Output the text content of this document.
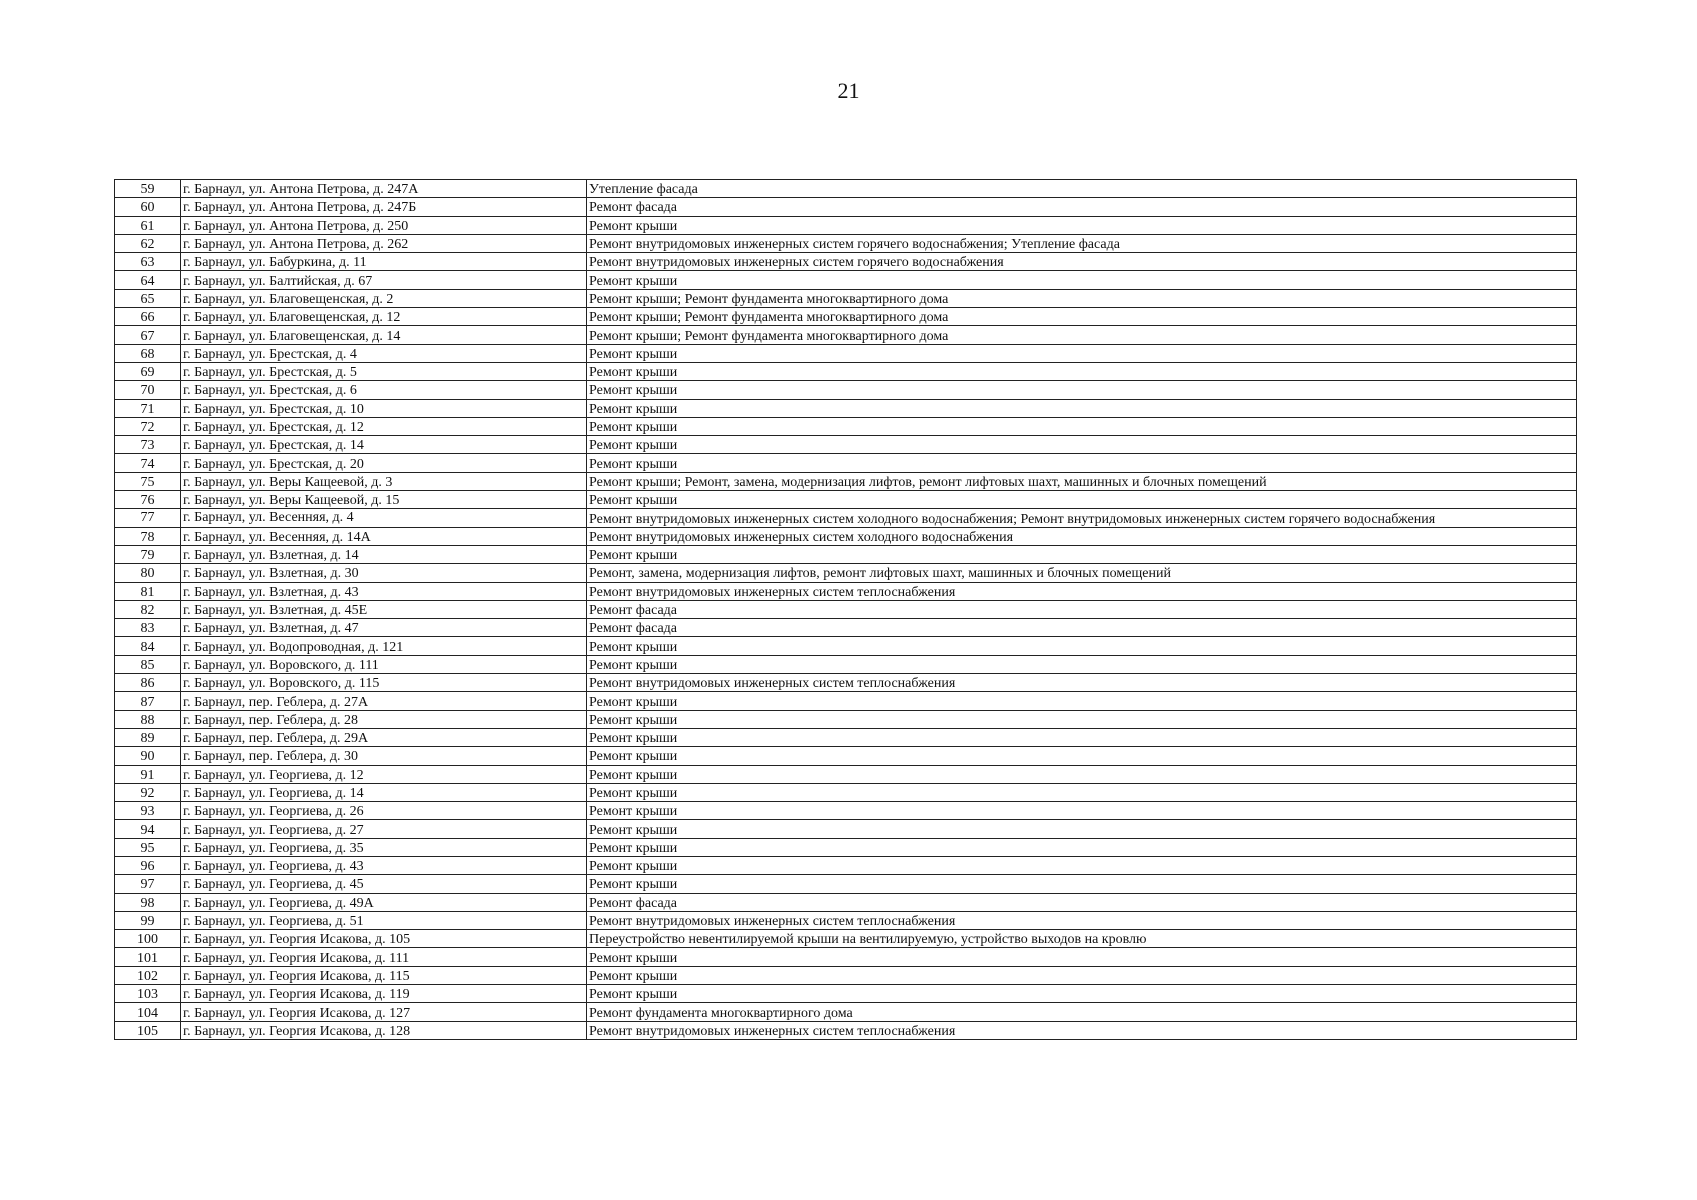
21
59	г. Барнаул, ул. Антона Петрова, д. 247А	Утепление фасада
60	г. Барнаул, ул. Антона Петрова, д. 247Б	Ремонт фасада
61	г. Барнаул, ул. Антона Петрова, д. 250	Ремонт крыши
62	г. Барнаул, ул. Антона Петрова, д. 262	Ремонт внутридомовых инженерных систем горячего водоснабжения; Утепление фасада
63	г. Барнаул, ул. Бабуркина, д. 11	Ремонт внутридомовых инженерных систем горячего водоснабжения
64	г. Барнаул, ул. Балтийская, д. 67	Ремонт крыши
65	г. Барнаул, ул. Благовещенская, д. 2	Ремонт крыши; Ремонт фундамента многоквартирного дома
66	г. Барнаул, ул. Благовещенская, д. 12	Ремонт крыши; Ремонт фундамента многоквартирного дома
67	г. Барнаул, ул. Благовещенская, д. 14	Ремонт крыши; Ремонт фундамента многоквартирного дома
68	г. Барнаул, ул. Брестская, д. 4	Ремонт крыши
69	г. Барнаул, ул. Брестская, д. 5	Ремонт крыши
70	г. Барнаул, ул. Брестская, д. 6	Ремонт крыши
71	г. Барнаул, ул. Брестская, д. 10	Ремонт крыши
72	г. Барнаул, ул. Брестская, д. 12	Ремонт крыши
73	г. Барнаул, ул. Брестская, д. 14	Ремонт крыши
74	г. Барнаул, ул. Брестская, д. 20	Ремонт крыши
75	г. Барнаул, ул. Веры Кащеевой, д. 3	Ремонт крыши; Ремонт, замена, модернизация лифтов, ремонт лифтовых шахт, машинных и блочных помещений
76	г. Барнаул, ул. Веры Кащеевой, д. 15	Ремонт крыши
77	г. Барнаул, ул. Весенняя, д. 4	Ремонт внутридомовых инженерных систем холодного водоснабжения; Ремонт внутридомовых инженерных систем горячего водоснабжения
78	г. Барнаул, ул. Весенняя, д. 14А	Ремонт внутридомовых инженерных систем холодного водоснабжения
79	г. Барнаул, ул. Взлетная, д. 14	Ремонт крыши
80	г. Барнаул, ул. Взлетная, д. 30	Ремонт, замена, модернизация лифтов, ремонт лифтовых шахт, машинных и блочных помещений
81	г. Барнаул, ул. Взлетная, д. 43	Ремонт внутридомовых инженерных систем теплоснабжения
82	г. Барнаул, ул. Взлетная, д. 45Е	Ремонт фасада
83	г. Барнаул, ул. Взлетная, д. 47	Ремонт фасада
84	г. Барнаул, ул. Водопроводная, д. 121	Ремонт крыши
85	г. Барнаул, ул. Воровского, д. 111	Ремонт крыши
86	г. Барнаул, ул. Воровского, д. 115	Ремонт внутридомовых инженерных систем теплоснабжения
87	г. Барнаул, пер. Геблера, д. 27А	Ремонт крыши
88	г. Барнаул, пер. Геблера, д. 28	Ремонт крыши
89	г. Барнаул, пер. Геблера, д. 29А	Ремонт крыши
90	г. Барнаул, пер. Геблера, д. 30	Ремонт крыши
91	г. Барнаул, ул. Георгиева, д. 12	Ремонт крыши
92	г. Барнаул, ул. Георгиева, д. 14	Ремонт крыши
93	г. Барнаул, ул. Георгиева, д. 26	Ремонт крыши
94	г. Барнаул, ул. Георгиева, д. 27	Ремонт крыши
95	г. Барнаул, ул. Георгиева, д. 35	Ремонт крыши
96	г. Барнаул, ул. Георгиева, д. 43	Ремонт крыши
97	г. Барнаул, ул. Георгиева, д. 45	Ремонт крыши
98	г. Барнаул, ул. Георгиева, д. 49А	Ремонт фасада
99	г. Барнаул, ул. Георгиева, д. 51	Ремонт внутридомовых инженерных систем теплоснабжения
100	г. Барнаул, ул. Георгия Исакова, д. 105	Переустройство невентилируемой крыши на вентилируемую, устройство выходов на кровлю
101	г. Барнаул, ул. Георгия Исакова, д. 111	Ремонт крыши
102	г. Барнаул, ул. Георгия Исакова, д. 115	Ремонт крыши
103	г. Барнаул, ул. Георгия Исакова, д. 119	Ремонт крыши
104	г. Барнаул, ул. Георгия Исакова, д. 127	Ремонт фундамента многоквартирного дома
105	г. Барнаул, ул. Георгия Исакова, д. 128	Ремонт внутридомовых инженерных систем теплоснабжения
